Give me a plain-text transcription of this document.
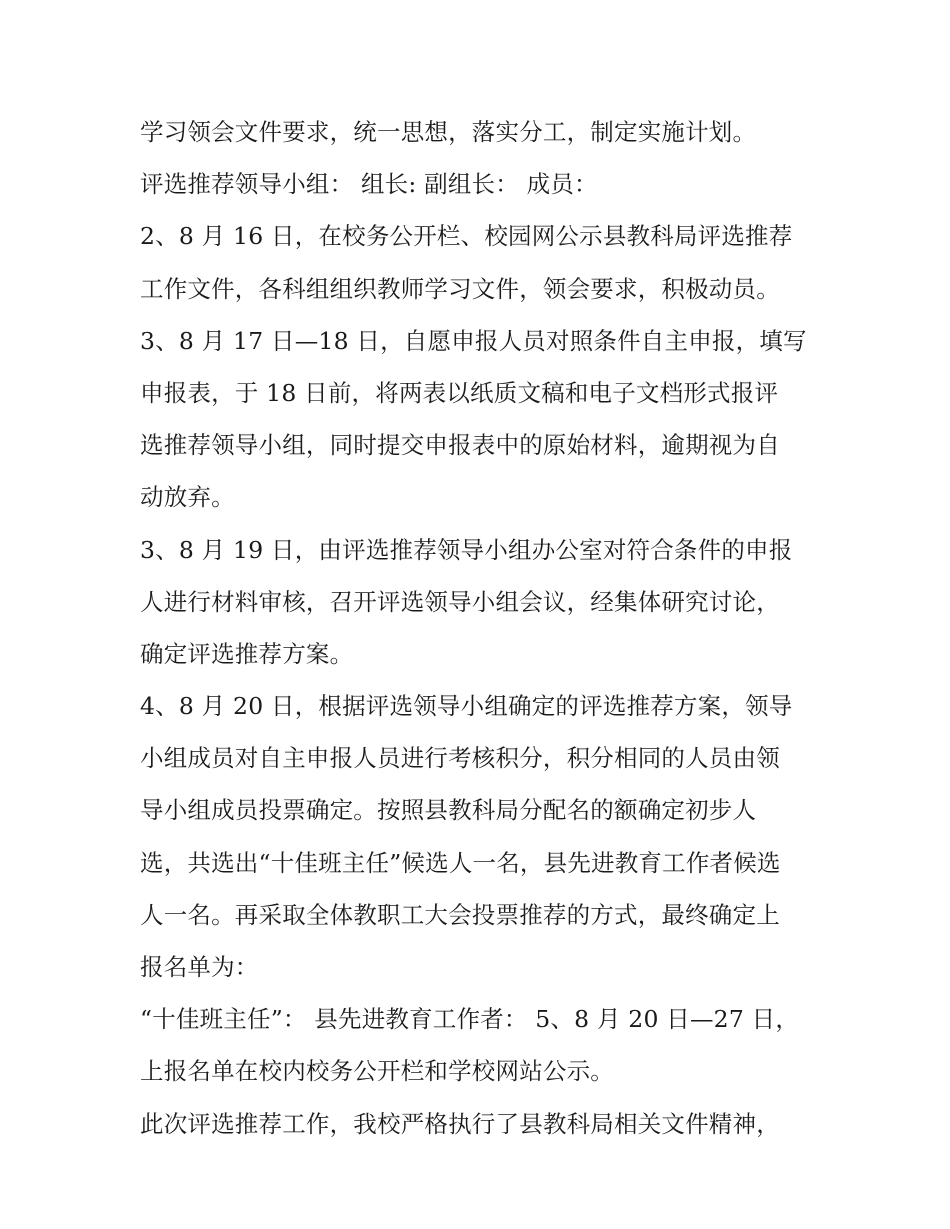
学习领会文件要求，统一思想，落实分工，制定实施计划。
评选推荐领导小组： 组长: 副组长： 成员：
2、8 月 16 日，在校务公开栏、校园网公示县教科局评选推荐
工作文件，各科组组织教师学习文件，领会要求，积极动员。
3、8 月 17 日—18 日，自愿申报人员对照条件自主申报，填写
申报表，于 18 日前，将两表以纸质文稿和电子文档形式报评
选推荐领导小组，同时提交申报表中的原始材料，逾期视为自
动放弃。
3、8 月 19 日，由评选推荐领导小组办公室对符合条件的申报
人进行材料审核，召开评选领导小组会议，经集体研究讨论，
确定评选推荐方案。
4、8 月 20 日，根据评选领导小组确定的评选推荐方案，领导
小组成员对自主申报人员进行考核积分，积分相同的人员由领
导小组成员投票确定。按照县教科局分配名的额确定初步人
选，共选出“十佳班主任”候选人一名，县先进教育工作者候选
人一名。再采取全体教职工大会投票推荐的方式，最终确定上
报名单为：
“十佳班主任”： 县先进教育工作者： 5、8 月 20 日—27 日，
上报名单在校内校务公开栏和学校网站公示。
此次评选推荐工作，我校严格执行了县教科局相关文件精神，
